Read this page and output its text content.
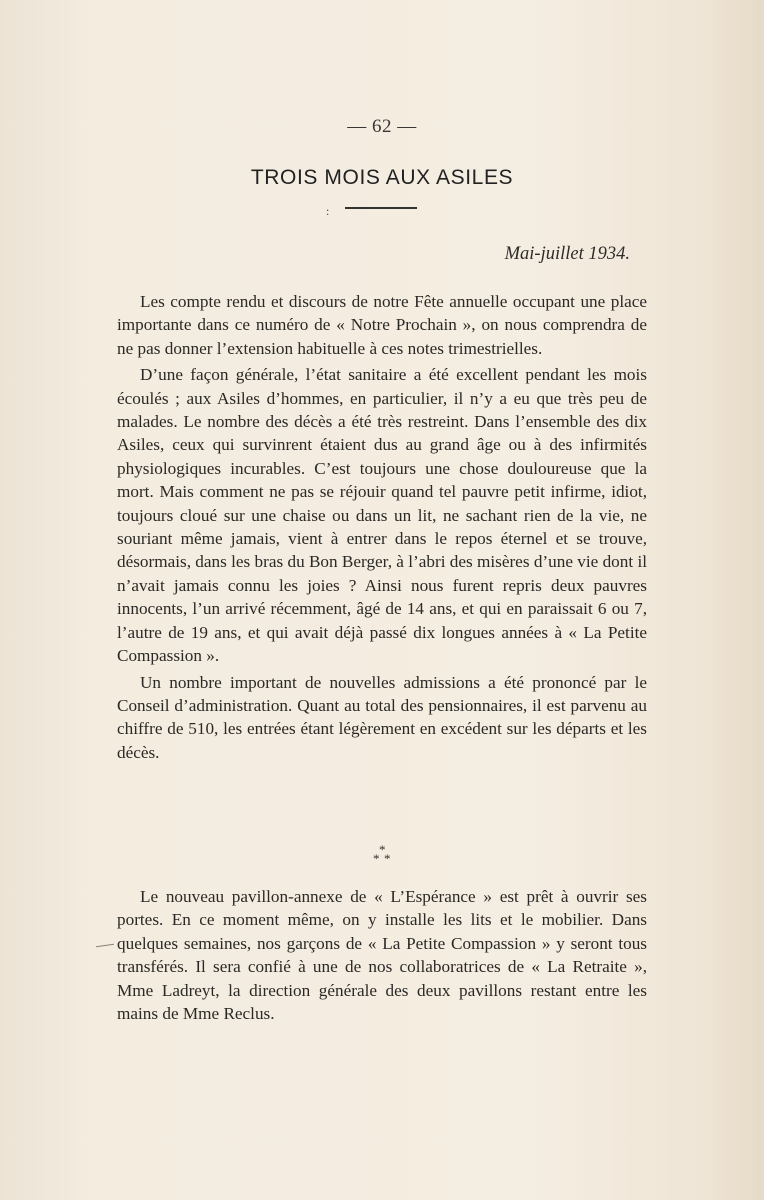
— 62 —
TROIS MOIS AUX ASILES
:
Mai-juillet 1934.

Les compte rendu et discours de notre Fête annuelle occupant une place importante dans ce numéro de « Notre Prochain », on nous comprendra de ne pas donner l’extension habituelle à ces notes trimestrielles.

D’une façon générale, l’état sanitaire a été excellent pendant les mois écoulés ; aux Asiles d’hommes, en particulier, il n’y a eu que très peu de malades. Le nombre des décès a été très restreint. Dans l’ensemble des dix Asiles, ceux qui survinrent étaient dus au grand âge ou à des infirmités physiologiques incurables. C’est toujours une chose douloureuse que la mort. Mais comment ne pas se réjouir quand tel pauvre petit infirme, idiot, toujours cloué sur une chaise ou dans un lit, ne sachant rien de la vie, ne souriant même jamais, vient à entrer dans le repos éternel et se trouve, désormais, dans les bras du Bon Berger, à l’abri des misères d’une vie dont il n’avait jamais connu les joies ? Ainsi nous furent repris deux pauvres innocents, l’un arrivé récemment, âgé de 14 ans, et qui en paraissait 6 ou 7, l’autre de 19 ans, et qui avait déjà passé dix longues années à « La Petite Compassion ».

Un nombre important de nouvelles admissions a été prononcé par le Conseil d’administration. Quant au total des pensionnaires, il est parvenu au chiffre de 510, les entrées étant légèrement en excédent sur les départs et les décès.

*
* *

Le nouveau pavillon-annexe de « L’Espérance » est prêt à ouvrir ses portes. En ce moment même, on y installe les lits et le mobilier. Dans quelques semaines, nos garçons de « La Petite Compassion » y seront tous transférés. Il sera confié à une de nos collaboratrices de « La Retraite », Mme Ladreyt, la direction générale des deux pavillons restant entre les mains de Mme Reclus.
